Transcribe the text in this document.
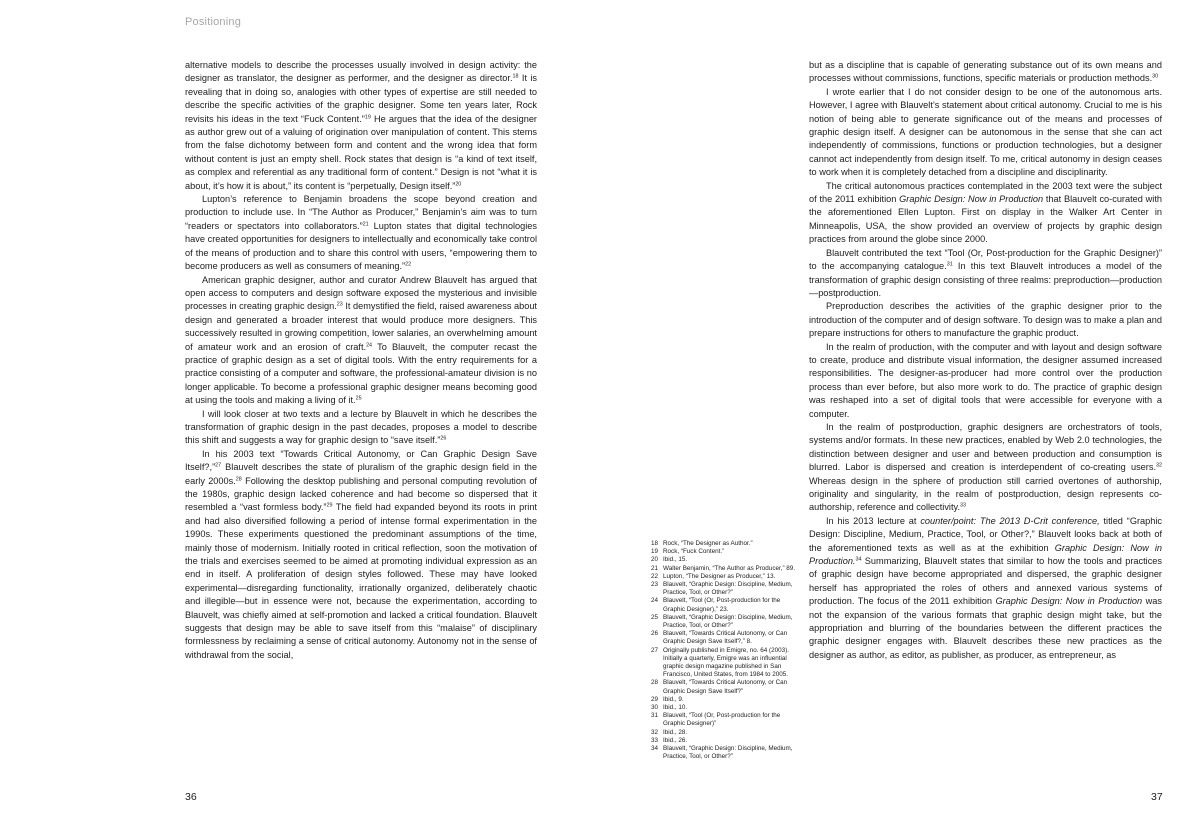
Positioning

alternative models to describe the processes usually involved in design activity: the designer as translator, the designer as performer, and the designer as director.$^{18}$ It is revealing that in doing so, analogies with other types of expertise are still needed to describe the specific activities of the graphic designer. Some ten years later, Rock revisits his ideas in the text “Fuck Content.”$^{19}$ He argues that the idea of the designer as author grew out of a valuing of origination over manipulation of content. This stems from the false dichotomy between form and content and the wrong idea that form without content is just an empty shell. Rock states that design is “a kind of text itself, as complex and referential as any traditional form of content.” Design is not “what it is about, it’s how it is about,” its content is “perpetually, Design itself.”$^{20}$

Lupton’s reference to Benjamin broadens the scope beyond creation and production to include use. In “The Author as Producer,” Benjamin’s aim was to turn “readers or spectators into collaborators.”$^{21}$ Lupton states that digital technologies have created opportunities for designers to intellectually and economically take control of the means of production and to share this control with users, “empowering them to become producers as well as consumers of meaning.”$^{22}$

American graphic designer, author and curator Andrew Blauvelt has argued that open access to computers and design software exposed the mysterious and invisible processes in creating graphic design.$^{23}$ It demystified the field, raised awareness about design and generated a broader interest that would produce more designers. This successively resulted in growing competition, lower salaries, an overwhelming amount of amateur work and an erosion of craft.$^{24}$ To Blauvelt, the computer recast the practice of graphic design as a set of digital tools. With the entry requirements for a practice consisting of a computer and software, the professional-amateur division is no longer applicable. To become a professional graphic designer means becoming good at using the tools and making a living of it.$^{25}$

I will look closer at two texts and a lecture by Blauvelt in which he describes the transformation of graphic design in the past decades, proposes a model to describe this shift and suggests a way for graphic design to “save itself.”$^{26}$

In his 2003 text “Towards Critical Autonomy, or Can Graphic Design Save Itself?,”$^{27}$ Blauvelt describes the state of pluralism of the graphic design field in the early 2000s.$^{28}$ Following the desktop publishing and personal computing revolution of the 1980s, graphic design lacked coherence and had become so dispersed that it resembled a “vast formless body.”$^{29}$ The field had expanded beyond its roots in print and had also diversified following a period of intense formal experimentation in the 1990s. These experiments questioned the predominant assumptions of the time, mainly those of modernism. Initially rooted in critical reflection, soon the motivation of the trials and exercises seemed to be aimed at promoting individual expression as an end in itself. A proliferation of design styles followed. These may have looked experimental—disregarding functionality, irrationally organized, deliberately chaotic and illegible—but in essence were not, because the experimentation, according to Blauvelt, was chiefly aimed at self-promotion and lacked a critical foundation. Blauvelt suggests that design may be able to save itself from this “malaise” of disciplinary formlessness by reclaiming a sense of critical autonomy. Autonomy not in the sense of withdrawal from the social,

18 Rock, “The Designer as Author.”
19 Rock, “Fuck Content.”
20 Ibid., 15.
21 Walter Benjamin, “The Author as Producer,” 89.
22 Lupton, “The Designer as Producer,” 13.
23 Blauvelt, “Graphic Design: Discipline, Medium, Practice, Tool, or Other?”
24 Blauvelt, “Tool (Or, Post-production for the Graphic Designer),” 23.
25 Blauvelt, “Graphic Design: Discipline, Medium, Practice, Tool, or Other?”
26 Blauvelt, “Towards Critical Autonomy, or Can Graphic Design Save Itself?,” 8.
27 Originally published in Emigre, no. 64 (2003). Initially a quarterly, Emigre was an influential graphic design magazine published in San Francisco, United States, from 1984 to 2005.
28 Blauvelt, “Towards Critical Autonomy, or Can Graphic Design Save Itself?”
29 Ibid., 9.
30 Ibid., 10.
31 Blauvelt, “Tool (Or, Post-production for the Graphic Designer)”
32 Ibid., 28.
33 Ibid., 26.
34 Blauvelt, “Graphic Design: Discipline, Medium, Practice, Tool, or Other?”

but as a discipline that is capable of generating substance out of its own means and processes without commissions, functions, specific materials or production methods.$^{30}$

I wrote earlier that I do not consider design to be one of the autonomous arts. However, I agree with Blauvelt’s statement about critical autonomy. Crucial to me is his notion of being able to generate significance out of the means and processes of graphic design itself. A designer can be autonomous in the sense that she can act independently of commissions, functions or production technologies, but a designer cannot act independently from design itself. To me, critical autonomy in design ceases to work when it is completely detached from a discipline and disciplinarity.

The critical autonomous practices contemplated in the 2003 text were the subject of the 2011 exhibition Graphic Design: Now in Production that Blauvelt co-curated with the aforementioned Ellen Lupton. First on display in the Walker Art Center in Minneapolis, USA, the show provided an overview of projects by graphic design practices from around the globe since 2000.

Blauvelt contributed the text “Tool (Or, Post-production for the Graphic Designer)” to the accompanying catalogue.$^{31}$ In this text Blauvelt introduces a model of the transformation of graphic design consisting of three realms: preproduction—production—postproduction.

Preproduction describes the activities of the graphic designer prior to the introduction of the computer and of design software. To design was to make a plan and prepare instructions for others to manufacture the graphic product.

In the realm of production, with the computer and with layout and design software to create, produce and distribute visual information, the designer assumed increased responsibilities. The designer-as-producer had more control over the production process than ever before, but also more work to do. The practice of graphic design was reshaped into a set of digital tools that were accessible for everyone with a computer.

In the realm of postproduction, graphic designers are orchestrators of tools, systems and/or formats. In these new practices, enabled by Web 2.0 technologies, the distinction between designer and user and between production and consumption is blurred. Labor is dispersed and creation is interdependent of co-creating users.$^{32}$ Whereas design in the sphere of production still carried overtones of authorship, originality and singularity, in the realm of postproduction, design represents co-authorship, reference and collectivity.$^{33}$

In his 2013 lecture at counter/point: The 2013 D-Crit conference, titled “Graphic Design: Discipline, Medium, Practice, Tool, or Other?,” Blauvelt looks back at both of the aforementioned texts as well as at the exhibition Graphic Design: Now in Production.$^{34}$ Summarizing, Blauvelt states that similar to how the tools and practices of graphic design have become appropriated and dispersed, the graphic designer herself has appropriated the roles of others and annexed various systems of production. The focus of the 2011 exhibition Graphic Design: Now in Production was not the expansion of the various formats that graphic design might take, but the appropriation and blurring of the boundaries between the different practices the graphic designer engages with. Blauvelt describes these new practices as the designer as author, as editor, as publisher, as producer, as entrepreneur, as

36	37
